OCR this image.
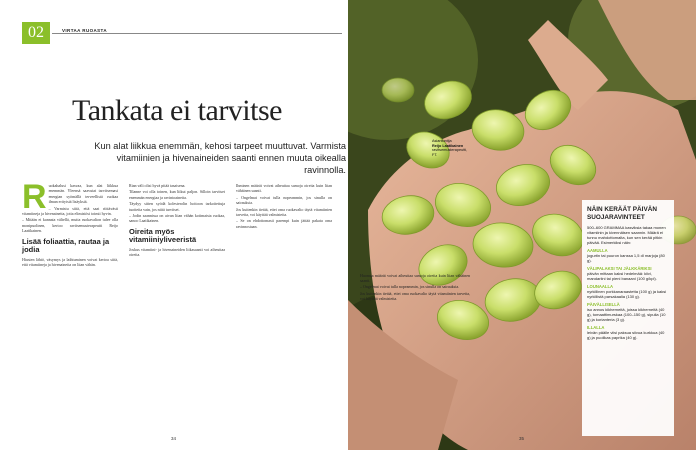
02	VIRTAA RUOASTA
Tankata ei tarvitse
Kun alat liikkua enemmän, kehosi tarpeet muuttuvat. Varmista vitamiinien ja hivenaineiden saanti ennen muuta oikealla ravinnolla.
R uokahalusi kasvaa, kun alat liikkua enemmän. Yleensä saavutat tarvitsemasi energian syömällä terveellistä ruokaa ilman erityisiä lisäyksiä.

– Varmistu siitä, että saat riittävästi vitamiineja ja hivenaineita, jotta elimistösi toimii hyvin.

– Mitään ei kannata vältellä, mutta ruokavalion tulee olla monipuolinen, kertoo ravitsemusterapeutti Reijo Laatikainen.

Lisää foliaattia, rautaa ja jodia

Hiusten lähtö, väsymys ja laihtuminen voivat kertoa siitä, että vitamiineja ja hivenaineita on liian vähän.

Rian väli olisi hyvä pitää tasaisena.

Tilanne voi olla toinen, kun liikut paljon. Silloin tarvitset enemmän energiaa ja ravintoaineita.

Täydyy sitten syödä kolesterolin hoitoon tarkoitettuja tuotteita vain, jos niitä tarvitset.

– Jodin saannissa on aivan liian vähän kotimaista ruokaa, sanoo Laatikainen.

Oireita myös vitamiiniyliveeristä

Joskus vitamiini- ja hivenaineiden liikasaanti voi aiheuttaa oireita.

Ihminen määrät voivat aiheuttaa samoja oireita kuin liian vähäinen saanti.

– Ongelmat voivat tulla nopeammin, jos sinulla on sairauksia.

Jos kuitenkin tietää, ettei oma ruokavalio täytä vitamiinien tarvetta, voi käyttää valmisteita.

– Se on ehdottomasti parempi kuin jättää pakata oma ravinnostaan.

34
Asiantuntija
Reijo Laatikainen
ravitsemusterapeutti, FT.

Huomaa määrät voivat aiheuttaa samoja oireita kuin liian vähäinen saanti.

– Ongelmat voivat tulla nopeammin, jos sinulla on sairauksia.

Jos kuitenkin tietää, ettei oma ruokavalio täytä vitamiinien tarvetta, voi käyttää valmisteita.

NÄIN KERÄÄT PÄIVÄN SUOJARAVINTEET

500–600 GRAMMAA kasviksia takaa monen vitamiinin ja kivennäisen saannin. Määrä ei tunnu mahdottomalta, kun sen kerää pitkin päivää. Esimerkiksi näin:

AAMULLA

jogurtin tai puuron kanssa 1,5 dl marjoja (80 g).

VÄLIPALAKSI TAI JÄLKKÄRIKSI

päivän mittaan kaksi hedelmää: kiivi, mandariini tai pieni banaani (100 g/kpl).

LOUNAALLA

nyrkillinen porkkanaraastetta (100 g) ja kaksi nyrkillistä parsakaalia (130 g).

PÄIVÄLLISELLÄ

iso annos kikherneitä, joissa kikherneitä (40 g), tomaattimurskaa (100–150 g), sipulia (10 g) ja korianteria (3 g).

ILLALLA

leivän päälle viisi paksua siivua kurkkua (40 g) ja puolikas paprika (40 g).

35
